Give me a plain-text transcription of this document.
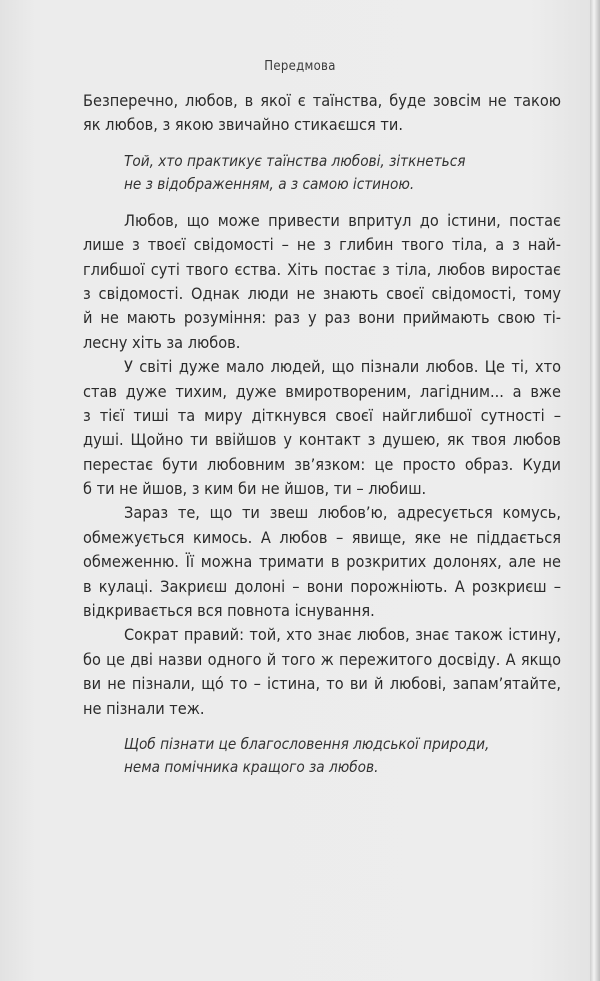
Передмова
Безперечно, любов, в якої є таїнства, буде зовсім не такою
як любов, з якою звичайно стикаєшся ти.
Той, хто практикує таїнства любові, зіткнеться
не з відображенням, а з самою істиною.
Любов, що може привести впритул до істини, постає
лише з твоєї свідомості – не з глибин твого тіла, а з най-
глибшої суті твого єства. Хіть постає з тіла, любов виростає
з свідомості. Однак люди не знають своєї свідомості, тому
й не мають розуміння: раз у раз вони приймають свою ті-
лесну хіть за любов.
У світі дуже мало людей, що пізнали любов. Це ті, хто
став дуже тихим, дуже вмиротвореним, лагідним... а вже
з тієї тиші та миру діткнувся своєї найглибшої сутності –
душі. Щойно ти ввійшов у контакт з душею, як твоя любов
перестає бути любовним зв’язком: це просто образ. Куди
б ти не йшов, з ким би не йшов, ти – любиш.
Зараз те, що ти звеш любов’ю, адресується комусь,
обмежується кимось. А любов – явище, яке не піддається
обмеженню. Її можна тримати в розкритих долонях, але не
в кулаці. Закриєш долоні – вони порожніють. А розкриєш –
відкривається вся повнота існування.
Сократ правий: той, хто знає любов, знає також істину,
бо це дві назви одного й того ж пережитого досвіду. А якщо
ви не пізнали, щó то – істина, то ви й любові, запам’ятайте,
не пізнали теж.
Щоб пізнати це благословення людської природи,
нема помічника кращого за любов.
